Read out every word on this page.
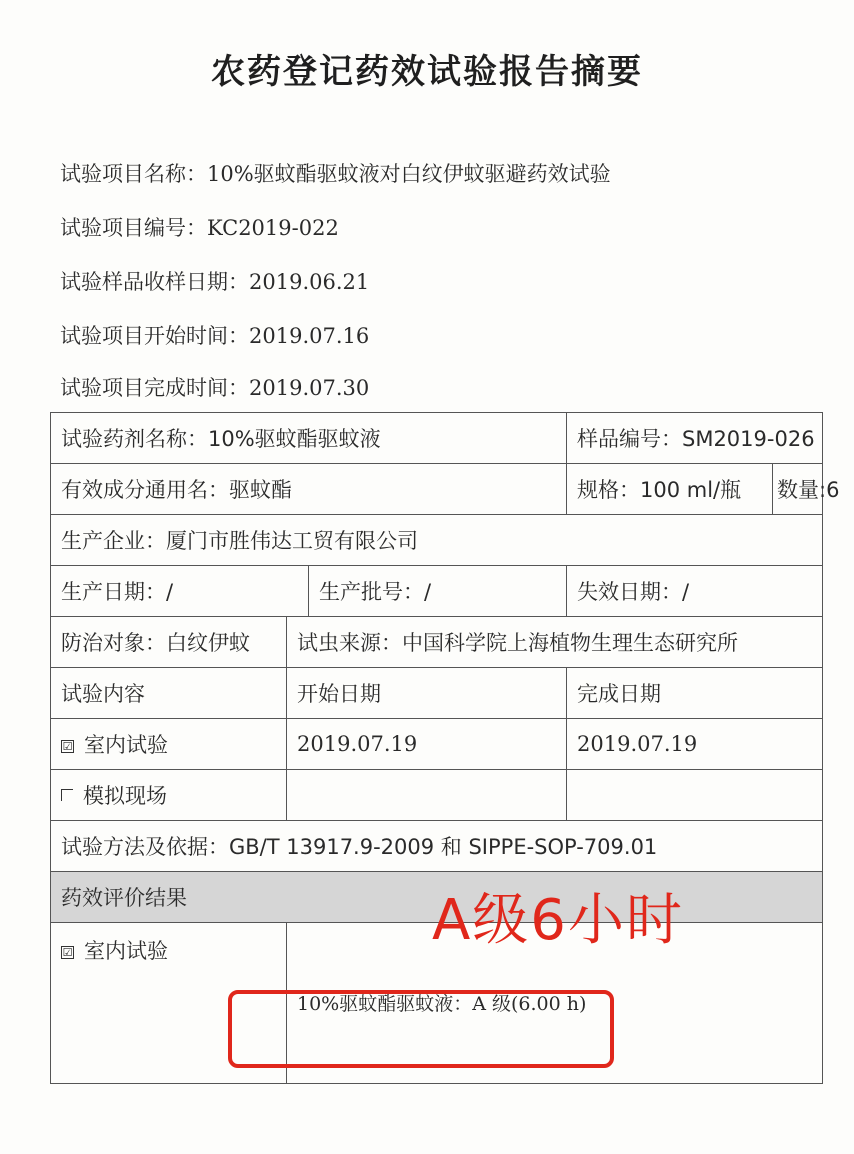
农药登记药效试验报告摘要
试验项目名称：10%驱蚊酯驱蚊液对白纹伊蚊驱避药效试验
试验项目编号：KC2019-022
试验样品收样日期：2019.06.21
试验项目开始时间：2019.07.16
试验项目完成时间：2019.07.30
试验药剂名称：10%驱蚊酯驱蚊液			样品编号：SM2019-026	
有效成分通用名：驱蚊酯			规格：100 ml/瓶	数量:6
生产企业：厦门市胜伟达工贸有限公司				
生产日期：/		生产批号：/	失效日期：/	
防治对象：白纹伊蚊	试虫来源：中国科学院上海植物生理生态研究所			
试验内容	开始日期		完成日期	
☑ 室内试验	2019.07.19		2019.07.19	
模拟现场				
试验方法及依据：GB/T 13917.9-2009 和 SIPPE-SOP-709.01				
药效评价结果				
☑ 室内试验	10%驱蚊酯驱蚊液：A 级(6.00 h)			
A级6小时
